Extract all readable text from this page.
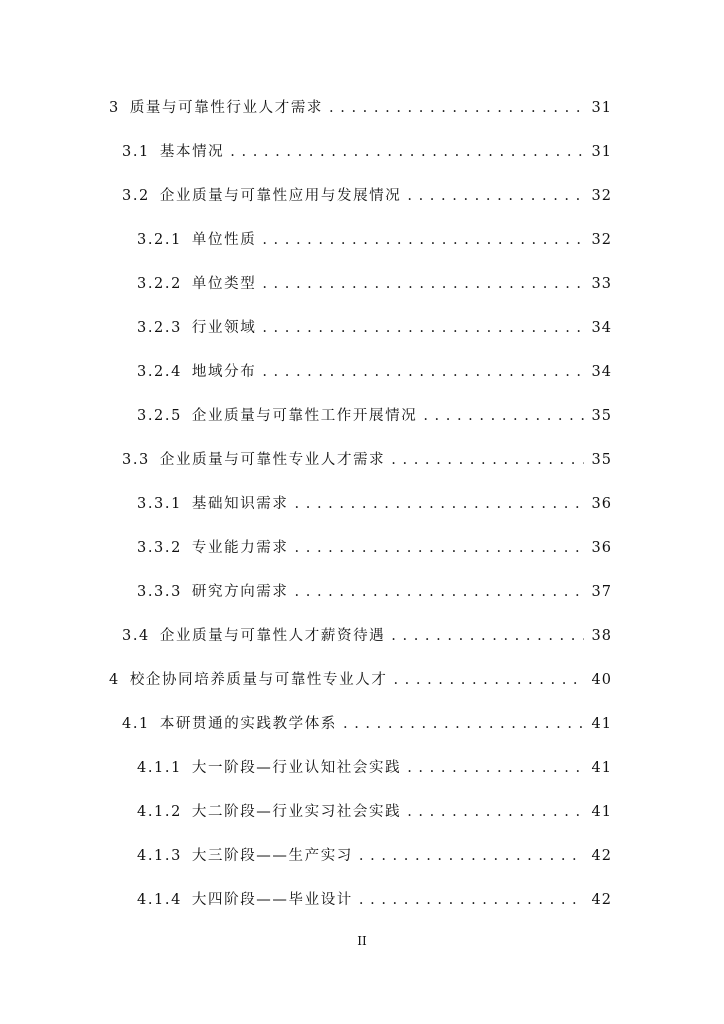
3 质量与可靠性行业人才需求 . . .	31
3.1 基本情况 . . .	31
3.2 企业质量与可靠性应用与发展情况 . . .	32
3.2.1 单位性质 . . .	32
3.2.2 单位类型 . . .	33
3.2.3 行业领域 . . .	34
3.2.4 地域分布 . . .	34
3.2.5 企业质量与可靠性工作开展情况 . . .	35
3.3 企业质量与可靠性专业人才需求 . . .	35
3.3.1 基础知识需求 . . .	36
3.3.2 专业能力需求 . . .	36
3.3.3 研究方向需求 . . .	37
3.4 企业质量与可靠性人才薪资待遇 . . .	38
4 校企协同培养质量与可靠性专业人才 . . .	40
4.1 本研贯通的实践教学体系 . . .	41
4.1.1 大一阶段—行业认知社会实践 . . .	41
4.1.2 大二阶段—行业实习社会实践 . . .	41
4.1.3 大三阶段——生产实习 . . .	42
4.1.4 大四阶段——毕业设计 . . .	42
II
